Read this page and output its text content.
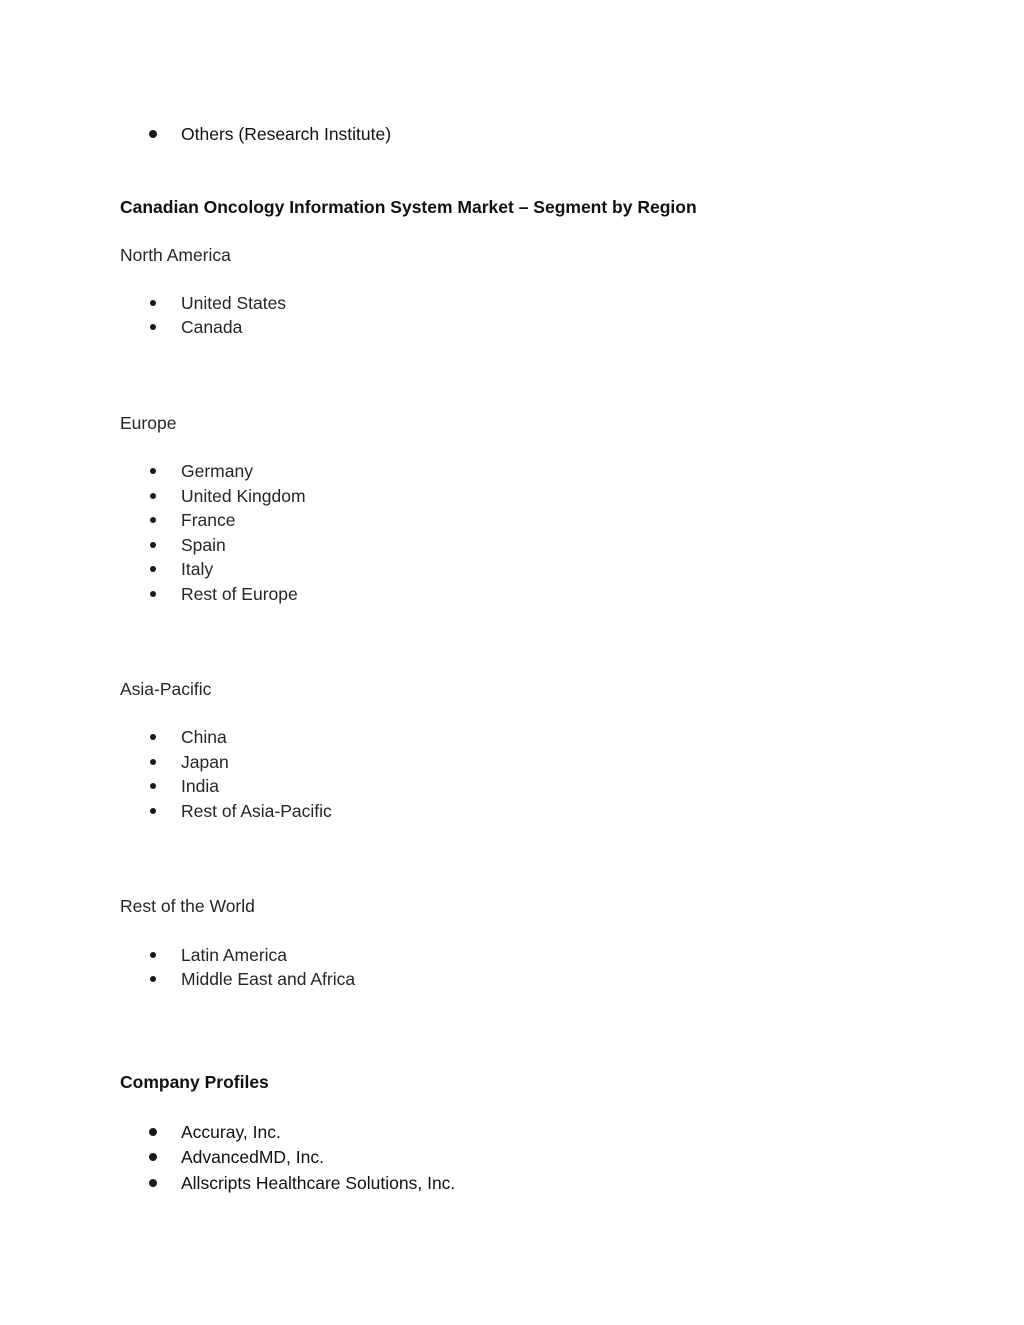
Others (Research Institute)
Canadian Oncology Information System Market – Segment by Region
North America
United States
Canada
Europe
Germany
United Kingdom
France
Spain
Italy
Rest of Europe
Asia-Pacific
China
Japan
India
Rest of Asia-Pacific
Rest of the World
Latin America
Middle East and Africa
Company Profiles
Accuray, Inc.
AdvancedMD, Inc.
Allscripts Healthcare Solutions, Inc.
